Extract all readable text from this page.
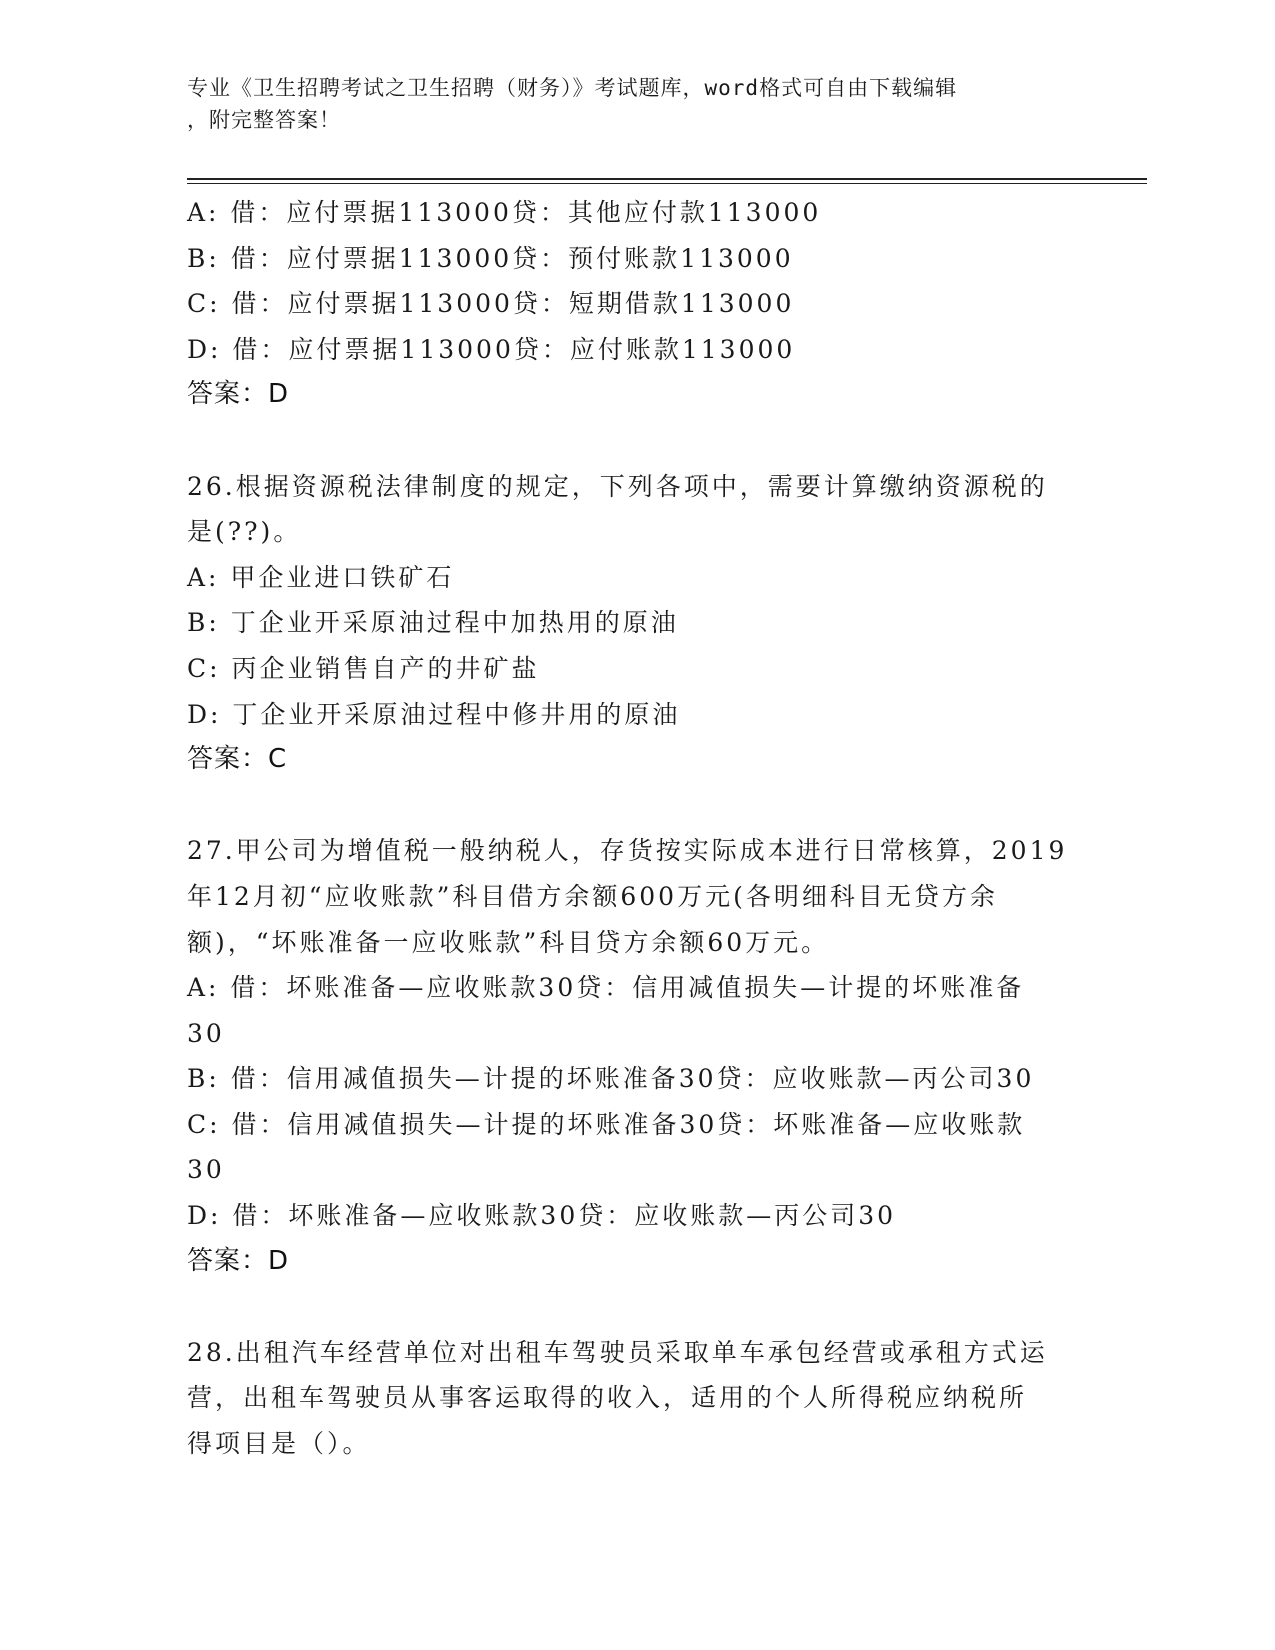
专业《卫生招聘考试之卫生招聘（财务）》考试题库，word格式可自由下载编辑
，附完整答案！
A: 借：应付票据113000贷：其他应付款113000
B: 借：应付票据113000贷：预付账款113000
C: 借：应付票据113000贷：短期借款113000
D: 借：应付票据113000贷：应付账款113000
答案：D
26.根据资源税法律制度的规定，下列各项中，需要计算缴纳资源税的
是(??)。
A: 甲企业进口铁矿石
B: 丁企业开采原油过程中加热用的原油
C: 丙企业销售自产的井矿盐
D: 丁企业开采原油过程中修井用的原油
答案：C
27.甲公司为增值税一般纳税人，存货按实际成本进行日常核算，2019
年12月初“应收账款”科目借方余额600万元(各明细科目无贷方余
额)，“坏账准备一应收账款”科目贷方余额60万元。
A: 借：坏账准备—应收账款30贷：信用减值损失—计提的坏账准备
30
B: 借：信用减值损失—计提的坏账准备30贷：应收账款—丙公司30
C: 借：信用减值损失—计提的坏账准备30贷：坏账准备—应收账款
30
D: 借：坏账准备—应收账款30贷：应收账款—丙公司30
答案：D
28.出租汽车经营单位对出租车驾驶员采取单车承包经营或承租方式运
营，出租车驾驶员从事客运取得的收入，适用的个人所得税应纳税所
得项目是（）。
